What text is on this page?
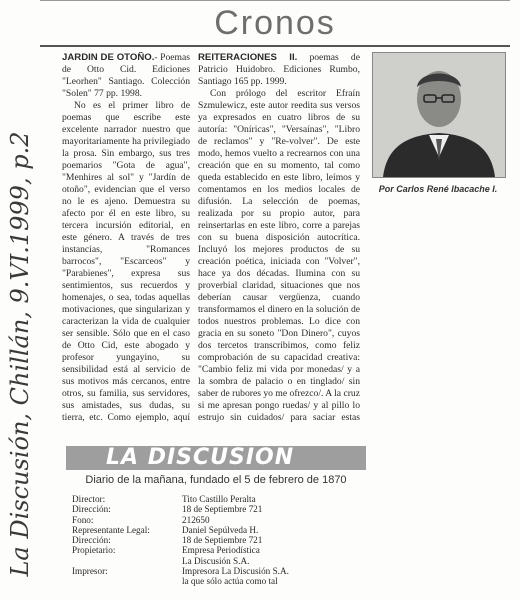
Cronos
La Discusión, Chillán, 9.VI.1999, p.2

JARDIN DE OTOÑO.- Poemas de Otto Cid. Ediciones "Leorhen" Santiago. Colección "Solen" 77 pp. 1998.

No es el primer libro de poemas que escribe este excelente narrador nuestro que mayoritariamente ha privilegiado la prosa. Sin embargo, sus tres poemarios "Gota de agua", "Menhires al sol" y "Jardín de otoño", evidencian que el verso no le es ajeno. Demuestra su afecto por él en este libro, su tercera incursión editorial, en este género. A través de tres instancias, "Romances barrocos", "Escarceos" y "Parabienes", expresa sus sentimientos, sus recuerdos y homenajes, o sea, todas aquellas motivaciones, que singularizan y caracterizan la vida de cualquier ser sensible. Sólo que en el caso de Otto Cid, este abogado y profesor yungayino, su sensibilidad está al servicio de sus motivos más cercanos, entre otros, su familia, sus servidores, sus amistades, sus dudas, su tierra, etc. Como ejemplo, aquí

REITERACIONES II. poemas de Patricio Huidobro. Ediciones Rumbo, Santiago 165 pp. 1999.

Con prólogo del escritor Efraín Szmulewicz, este autor reedita sus versos ya expresados en cuatro libros de su autoría: "Oníricas", "Versaínas", "Libro de reclamos" y "Re-volver". De este modo, hemos vuelto a recrearnos con una creación que en su momento, tal como queda establecido en este libro, leímos y comentamos en los medios locales de difusión. La selección de poemas, realizada por su propio autor, para reinsertarlas en este libro, corre a parejas con su buena disposición autocrítica. Incluyó los mejores productos de su creación poética, iniciada con "Volver", hace ya dos décadas. Ilumina con su proverbial claridad, situaciones que nos deberían causar vergüenza, cuando transformamos el dinero en la solución de todos nuestros problemas. Lo dice con gracia en su soneto "Don Dinero", cuyos dos tercetos transcribimos, como feliz comprobación de su capacidad creativa: "Cambio feliz mi vida por monedas/ y a la sombra de palacio o en tinglado/ sin saber de rubores yo me ofrezco/. A la cruz si me apresan pongo ruedas/ y al pillo lo estrujo sin cuidados/ para saciar estas

Por Carlos René Ibacache I.
LA DISCUSION
Diario de la mañana, fundado el 5 de febrero de 1870
Director:	Tito Castillo Peralta
Dirección:	18 de Septiembre 721
Fono:	212650
Representante Legal:	Daniel Sepúlveda H.
Dirección:	18 de Septiembre 721
Propietario:	Empresa Periodística
La Discusión S.A.
Impresor:	Impresora La Discusión S.A.
la que sólo actúa como tal
